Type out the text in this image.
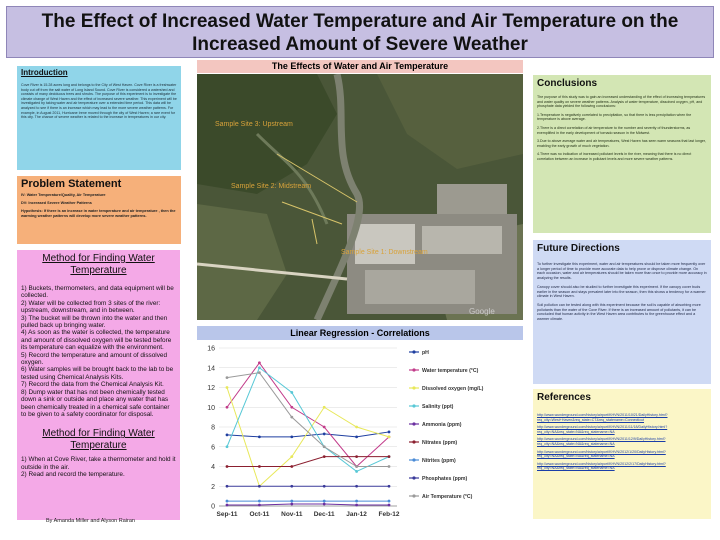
The Effect of Increased Water Temperature and Air Temperature on the Increased Amount of Severe Weather
Introduction

Cove River is 15.28 acres long and belongs to the City of West Haven. Cove River is a freshwater body cut off from the salt water of Long Island Sound. Cove River is considered a watershed and consists of many deciduous trees and shrubs. The purpose of this experiment is to investigate the climate change of West Haven and the effect of increased severe weather. This experiment will be investigated by taking water and air temperature over a extended time period. This data will be analyzed to see if there is an increase which may lead to the more severe weather patterns. For example, in August 2011, Hurricane Irene moved through the city of West Haven; a rare event for this city. The chance of severe weather is related to the increase in temperatures in our city.

Problem Statement

IV: Water Temperature/Quality, Air Temperature

DV: Increased Severe Weather Patterns

Hypothesis: If there is an increase in water temperature and air temperature , then the warming weather patterns will develop more severe weather patterns.

Method for Finding Water Temperature
1) Buckets, thermometers, and data equipment will be collected.
2) Water will be collected from 3 sites of the river: upstream, downstream, and in between.
3) The bucket will be thrown into the water and then pulled back up bringing water.
4) As soon as the water is collected, the temperature and amount of dissolved oxygen will be tested before its temperature can equalize with the environment.
5) Record the temperature and amount of dissolved oxygen.
6) Water samples will be brought back to the lab to be tested using Chemical Analysis Kits.
7) Record the data from the Chemical Analysis Kit.
8) Dump water that has not been chemically tested down a sink or outside and place any water that has been chemically treated in a chemical safe container to be given to a safety coordinator for disposal.
Method for Finding Water Temperature
1) When at Cove River, take a thermometer and hold it outside in the air.
2) Read and record the temperature.
The Effects of Water and Air Temperature
Sample Site 3: Upstream
Sample Site 2: Midstream
Sample Site 1: Downstream
Google
Linear Regression - Correlations
0
2
4
6
8
10
12
14
16
Sep-11 Oct-11 Nov-11 Dec-11 Jan-12 Feb-12
pH
Water temperature (°C)
Dissolved oxygen (mg/L)
Salinity (ppt)
Ammonia (ppm)
Nitrates (ppm)
Nitrites (ppm)
Phosphates (ppm)
Air Temperature (°C)
Conclusions

The purpose of this study was to gain an increased understanding of the effect of increasing temperatures and water quality on severe weather patterns. Analysis of water temperature, dissolved oxygen, pH, and phosphate data yielded the following conclusions:

1.Temperature is negatively correlated to precipitation, so that there is less precipitation when the temperature is above average.

2.There is a direct correlation of air temperature to the number and severity of thunderstorms, as exemplified in the early development of tornado season in the Midwest.

3.Due to above average water and air temperatures, West Haven has seen warm seasons that last longer, enabling the early growth of much vegetation.

4.There was no indication of increased pollutant levels in the river, meaning that there is no direct correlation between an increase in pollutant levels and more severe weather patterns.

Future Directions

To further investigate this experiment, water and air temperatures should be taken more frequently over a longer period of time to provide more accurate data to help prove or disprove climate change. On each occasion, water and air temperatures should be taken more than once to provide more accuracy in analyzing the results.

Canopy cover should also be studied to further investigate this experiment. If the canopy cover buds earlier in the season and stays prevalent later into the season, then this shows a tendency for a warmer climate in West Haven.

Soil pollution can be tested along with this experiment because the soil is capable of absorbing more pollutants than the water of the Cove River. If there is an increased amount of pollutants, it can be concluded that human activity in the West Haven area contributes to the greenhouse effect and a warmer climate.

References
http://www.wunderground.com/history/airport/KHVN/2011/10/21/DailyHistory.html?req_city=West+Haven&req_state=CT&req_statename=Connecticut
http://www.wunderground.com/history/airport/KHVN/2011/11/18/DailyHistory.html?req_city=NA&req_state=NA&req_statename=NA
http://www.wunderground.com/history/airport/KHVN/2011/12/9/DailyHistory.html?req_city=NA&req_state=NA&req_statename=NA
http://www.wunderground.com/history/airport/KHVN/2012/1/20/DailyHistory.html?req_city=NA&req_state=NA&req_statename=NA
http://www.wunderground.com/history/airport/KHVN/2012/2/17/DailyHistory.html?req_city=NA&req_state=NA&req_statename=NA
By Amanda Miller and Alyson Rairan
